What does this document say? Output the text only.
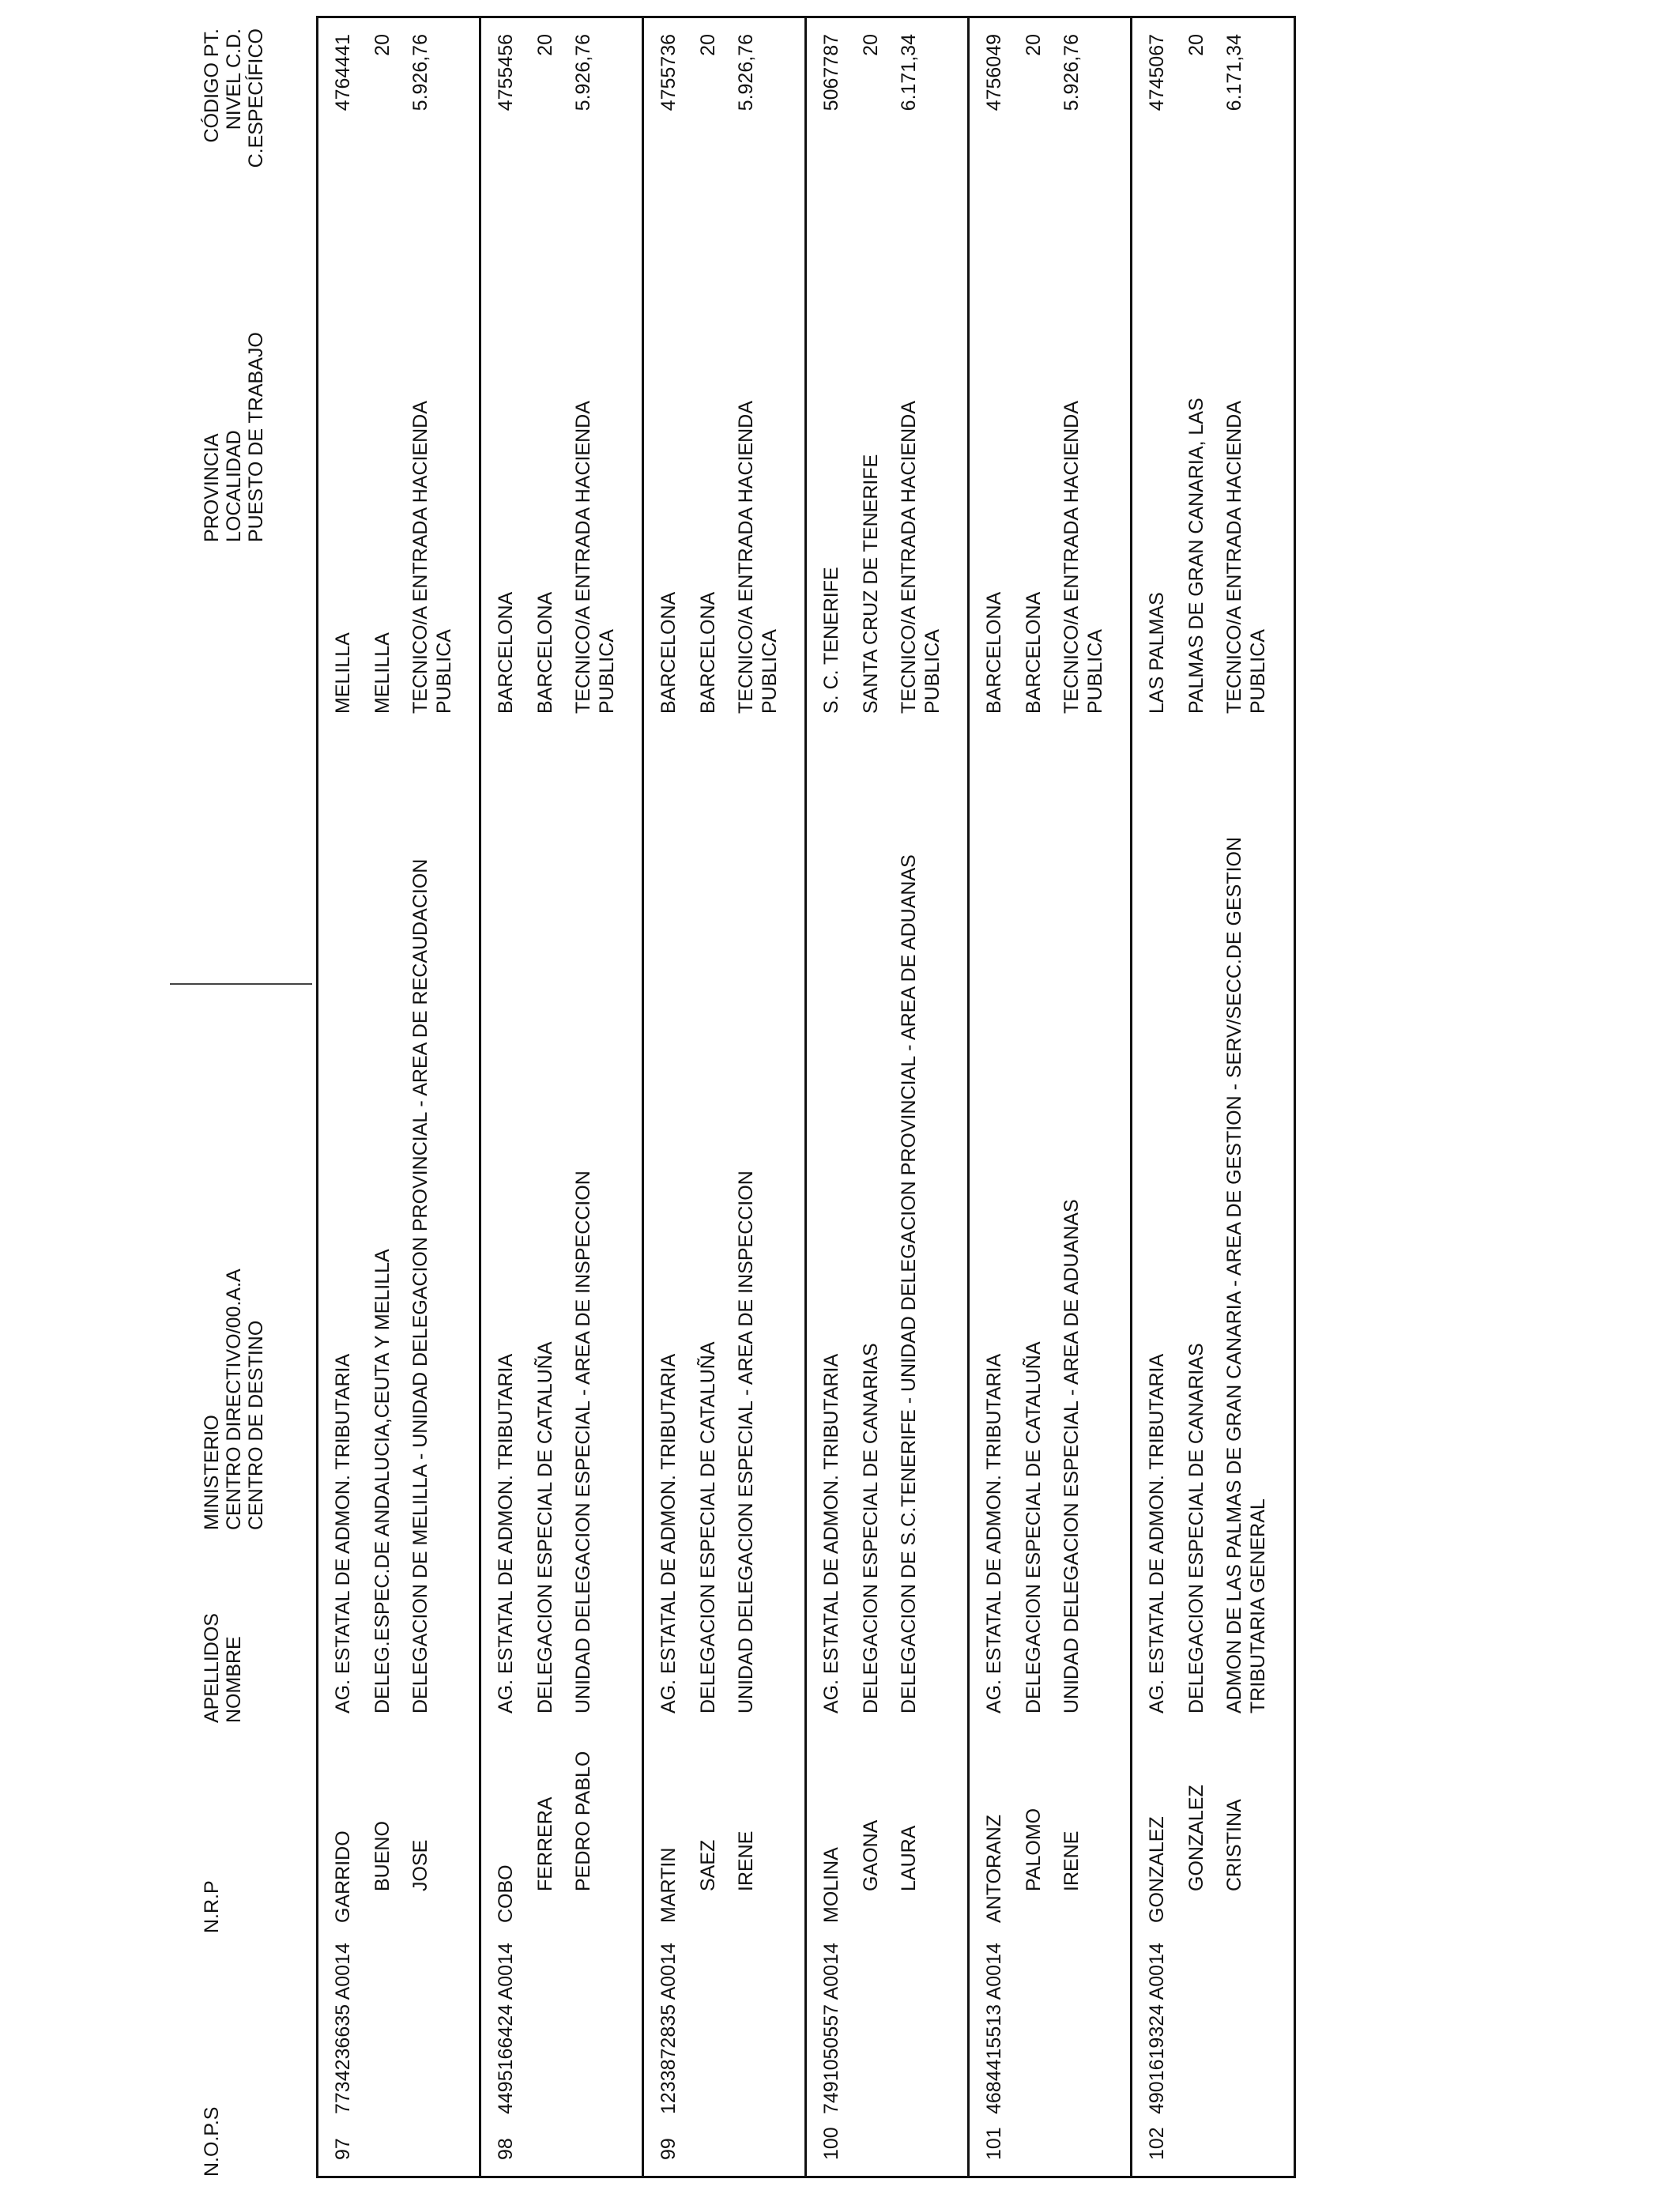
N.O.P.S
N.R.P
APELLIDOS NOMBRE
MINISTERIO CENTRO DIRECTIVO/00.A.A CENTRO DE DESTINO
PROVINCIA LOCALIDAD PUESTO DE TRABAJO
CÓDIGO PT. NIVEL C.D. C.ESPECÍFICO
97
7734236635 A0014
GARRIDO BUENO JOSE
AG. ESTATAL DE ADMON. TRIBUTARIA DELEG.ESPEC.DE ANDALUCIA,CEUTA Y MELILLA DELEGACION DE MELILLA - UNIDAD DELEGACION PROVINCIAL - AREA DE RECAUDACION
MELILLA MELILLA TECNICO/A ENTRADA HACIENDA PUBLICA
4764441 20 5.926,76
98
4495166424 A0014
COBO
FERRERA PEDRO PABLO
AG. ESTATAL DE ADMON. TRIBUTARIA DELEGACION ESPECIAL DE CATALUÑA UNIDAD DELEGACION ESPECIAL - AREA DE INSPECCION
BARCELONA BARCELONA TECNICO/A ENTRADA HACIENDA PUBLICA
4755456 20 5.926,76
99
1233872835 A0014
MARTIN SAEZ IRENE
AG. ESTATAL DE ADMON. TRIBUTARIA DELEGACION ESPECIAL DE CATALUÑA UNIDAD DELEGACION ESPECIAL - AREA DE INSPECCION
BARCELONA BARCELONA TECNICO/A ENTRADA HACIENDA PUBLICA
4755736 20 5.926,76
100
7491050557 A0014
MOLINA GAONA LAURA
AG. ESTATAL DE ADMON. TRIBUTARIA DELEGACION ESPECIAL DE CANARIAS DELEGACION DE S.C.TENERIFE - UNIDAD DELEGACION PROVINCIAL - AREA DE ADUANAS
S. C. TENERIFE SANTA CRUZ DE TENERIFE TECNICO/A ENTRADA HACIENDA PUBLICA
5067787 20 6.171,34
101
4684415513 A0014
ANTORANZ PALOMO IRENE
AG. ESTATAL DE ADMON. TRIBUTARIA DELEGACION ESPECIAL DE CATALUÑA UNIDAD DELEGACION ESPECIAL - AREA DE ADUANAS
BARCELONA BARCELONA TECNICO/A ENTRADA HACIENDA PUBLICA
4756049 20 5.926,76
102
4901619324 A0014
GONZALEZ GONZALEZ CRISTINA
AG. ESTATAL DE ADMON. TRIBUTARIA DELEGACION ESPECIAL DE CANARIAS ADMON DE LAS PALMAS DE GRAN CANARIA - AREA DE GESTION - SERV/SECC.DE GESTION TRIBUTARIA GENERAL
LAS PALMAS PALMAS DE GRAN CANARIA, LAS TECNICO/A ENTRADA HACIENDA PUBLICA
4745067 20 6.171,34
